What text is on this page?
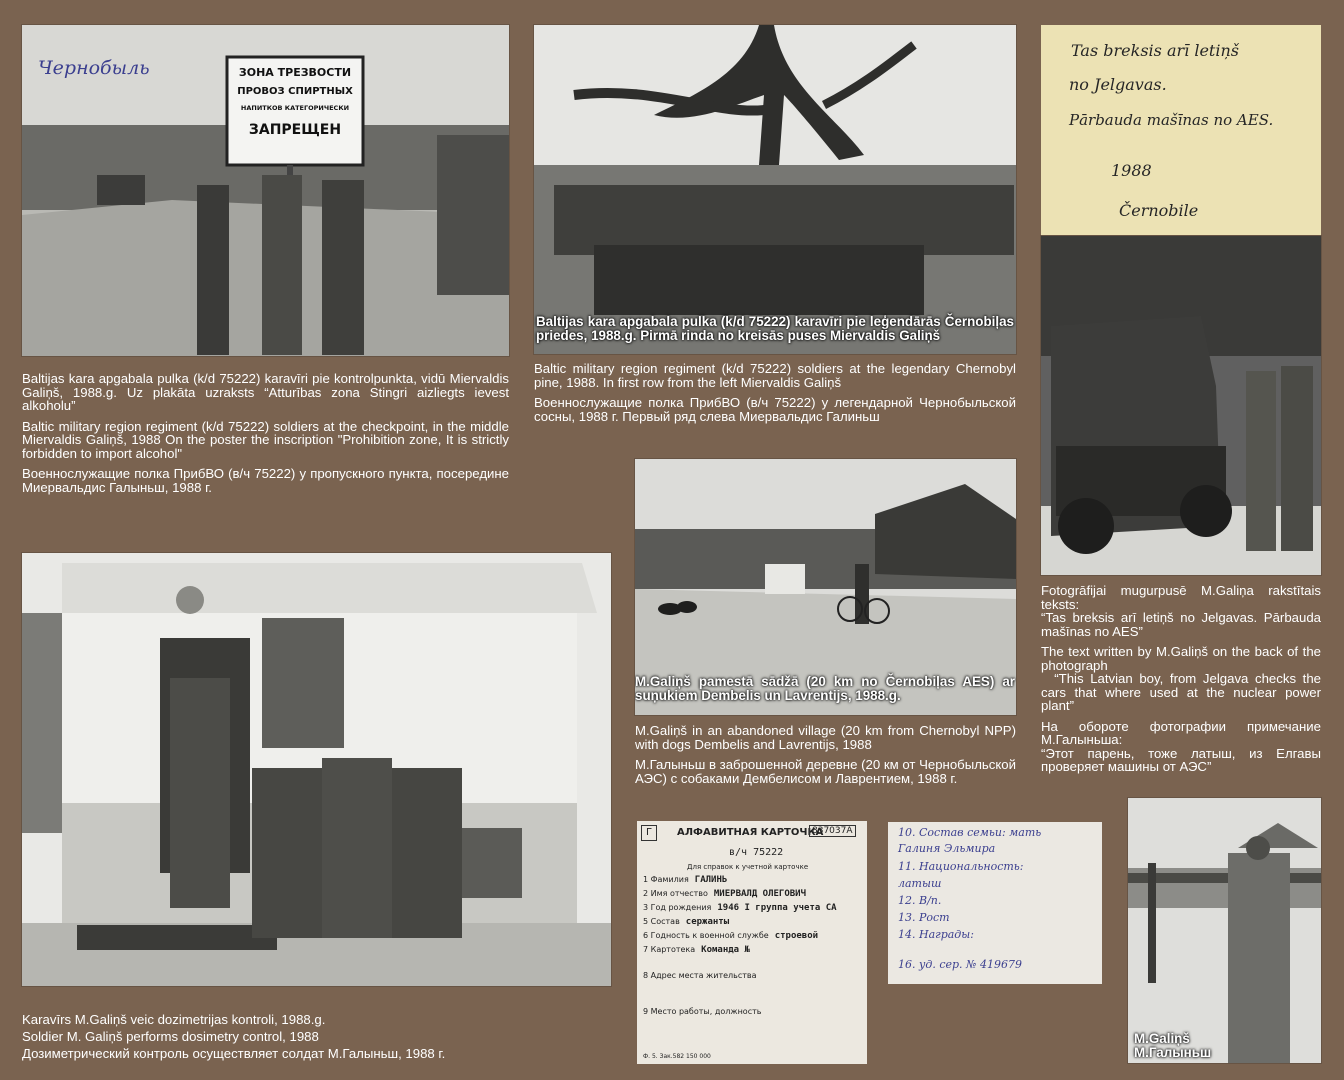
Чернобыль	ЗОНА ТРЕЗВОСТИ
ПРОВОЗ СПИРТНЫХ
НАПИТКОВ КАТЕГОРИЧЕСКИ
ЗАПРЕЩЕН

Baltijas kara apgabala pulka (k/d 75222) karavīri pie kontrolpunkta, vidū Miervaldis Galiņš, 1988.g. Uz plakāta uzraksts “Atturības zona Stingri aizliegts ievest alkoholu”

Baltic military region regiment (k/d 75222) soldiers at the checkpoint, in the middle Miervaldis Galiņš, 1988 On the poster the inscription "Prohibition zone, It is strictly forbidden to import alcohol"

Военнослужащие полка ПрибВО (в/ч 75222) у пропускного пункта, посередине Миервальдис Галыньш, 1988 г.

Baltijas kara apgabala pulka (k/d 75222) karavīri pie leģendārās Černobiļas priedes, 1988.g. Pirmā rinda no kreisās puses Miervaldis Galiņš

Baltic military region regiment (k/d 75222) soldiers at the legendary Chernobyl pine, 1988. In first row from the left Miervaldis Galiņš

Военнослужащие полка ПрибВО (в/ч 75222) у легендарной Чернобыльской сосны, 1988 г. Первый ряд слева Миервальдис Галиньш

Tas breksis arī letiņš
no Jelgavas.
Pārbauda mašīnas no AES.
1988
Černobile

Fotogrāfijai mugurpusē M.Galiņa rakstītais teksts:
“Tas breksis arī letiņš no Jelgavas. Pārbauda mašīnas no AES”

The text written by M.Galiņš on the back of the photograph
“This Latvian boy, from Jelgava checks the cars that where used at the nuclear power plant”

На обороте фотографии примечание М.Галыньша:
“Этот парень, тоже латыш, из Елгавы проверяет машины от АЭС”

M.Galiņš pamestā sādžā (20 km no Černobiļas AES) ar suņukiem Dembelis un Lavrentijs, 1988.g.

M.Galiņš in an abandoned village (20 km from Chernobyl NPP) with dogs Dembelis and Lavrentijs, 1988

М.Галыньш в заброшенной деревне (20 км от Чернобыльской АЭС) с собаками Дембелисом и Лаврентием, 1988 г.

Karavīrs M.Galiņš veic dozimetrijas kontroli, 1988.g.
Soldier M. Galiņš performs dosimetry control, 1988
Дозиметрический контроль осуществляет солдат М.Галыньш, 1988 г.
Г	АЛФАВИТНАЯ КАРТОЧКА
837037А
в/ч 75222
Для справок к учетной карточке
1 Фамилия ГАЛИНЬ
2 Имя отчество МИЕРВАЛД ОЛЕГОВИЧ
3 Год рождения 1946 I группа учета СА
5 Состав сержанты
6 Годность к военной службе строевой
7 Картотека Команда №
8 Адрес места жительства
9 Место работы, должность
Ф. 5. Зак.582 150 000
10. Состав семьи: мать
Галиня Эльмира
11. Национальность:
латыш
12. В/п.
13. Рост
14. Награды:
16. уд. сер. № 419679
M.Galiņš
М.Галыньш
